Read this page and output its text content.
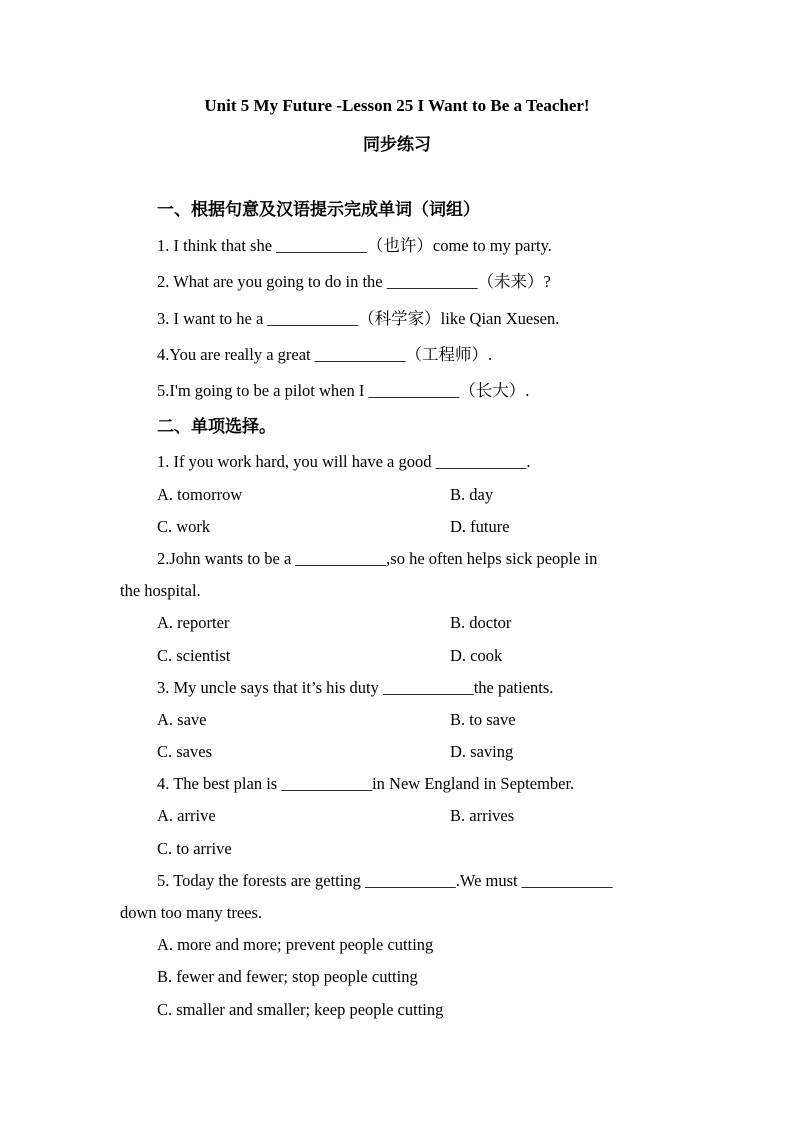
Unit 5 My Future -Lesson 25 I Want to Be a Teacher!
同步练习
一、根据句意及汉语提示完成单词（词组）
1. I think that she ___________（也许）come to my party.
2. What are you going to do in the ___________（未来）?
3. I want to he a ___________（科学家）like Qian Xuesen.
4.You are really a great ___________（工程师）.
5.I'm going to be a pilot when I ___________（长大）.
二、单项选择。
1. If you work hard, you will have a good ___________.
A. tomorrow	B. day
C. work	D. future
2.John wants to be a ___________,so he often helps sick people in
the hospital.
A. reporter	B. doctor
C. scientist	D. cook
3. My uncle says that it’s his duty ___________the patients.
A. save	B. to save
C. saves	D. saving
4. The best plan is ___________in New England in September.
A. arrive	B. arrives
C. to arrive
5. Today the forests are getting ___________.We must ___________
down too many trees.
A. more and more; prevent people cutting
B. fewer and fewer; stop people cutting
C. smaller and smaller; keep people cutting
